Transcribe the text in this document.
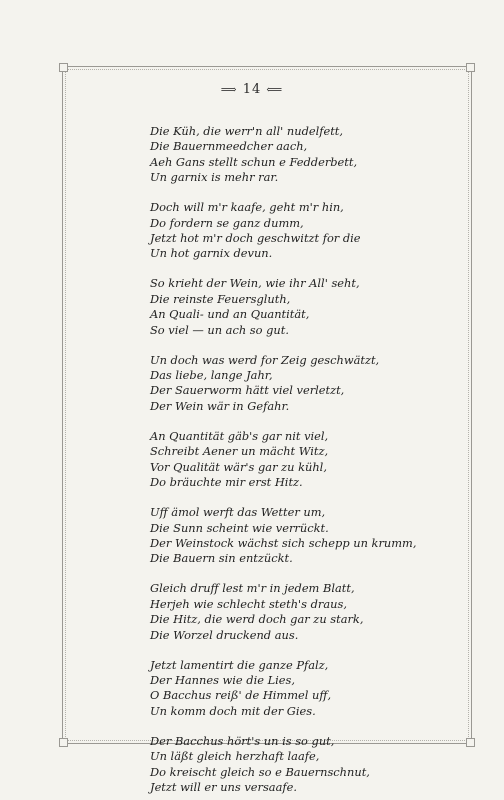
⟹ 14 ⟸
Die Küh, die werr'n all' nudelfett,
Die Bauernmeedcher aach,
Aeh Gans stellt schun e Fedderbett,
Un garnix is mehr rar.
Doch will m'r kaafe, geht m'r hin,
Do fordern se ganz dumm,
Jetzt hot m'r doch geschwitzt for die
Un hot garnix devun.
So krieht der Wein, wie ihr All' seht,
Die reinste Feuersgluth,
An Quali- und an Quantität,
So viel — un ach so gut.
Un doch was werd for Zeig geschwätzt,
Das liebe, lange Jahr,
Der Sauerworm hätt viel verletzt,
Der Wein wär in Gefahr.
An Quantität gäb's gar nit viel,
Schreibt Aener un mächt Witz,
Vor Qualität wär's gar zu kühl,
Do bräuchte mir erst Hitz.
Uff ämol werft das Wetter um,
Die Sunn scheint wie verrückt.
Der Weinstock wächst sich schepp un krumm,
Die Bauern sin entzückt.
Gleich druff lest m'r in jedem Blatt,
Herjeh wie schlecht steth's draus,
Die Hitz, die werd doch gar zu stark,
Die Worzel druckend aus.
Jetzt lamentirt die ganze Pfalz,
Der Hannes wie die Lies,
O Bacchus reiß' de Himmel uff,
Un komm doch mit der Gies.
Der Bacchus hört's un is so gut,
Un läßt gleich herzhaft laafe,
Do kreischt gleich so e Bauernschnut,
Jetzt will er uns versaafe.
